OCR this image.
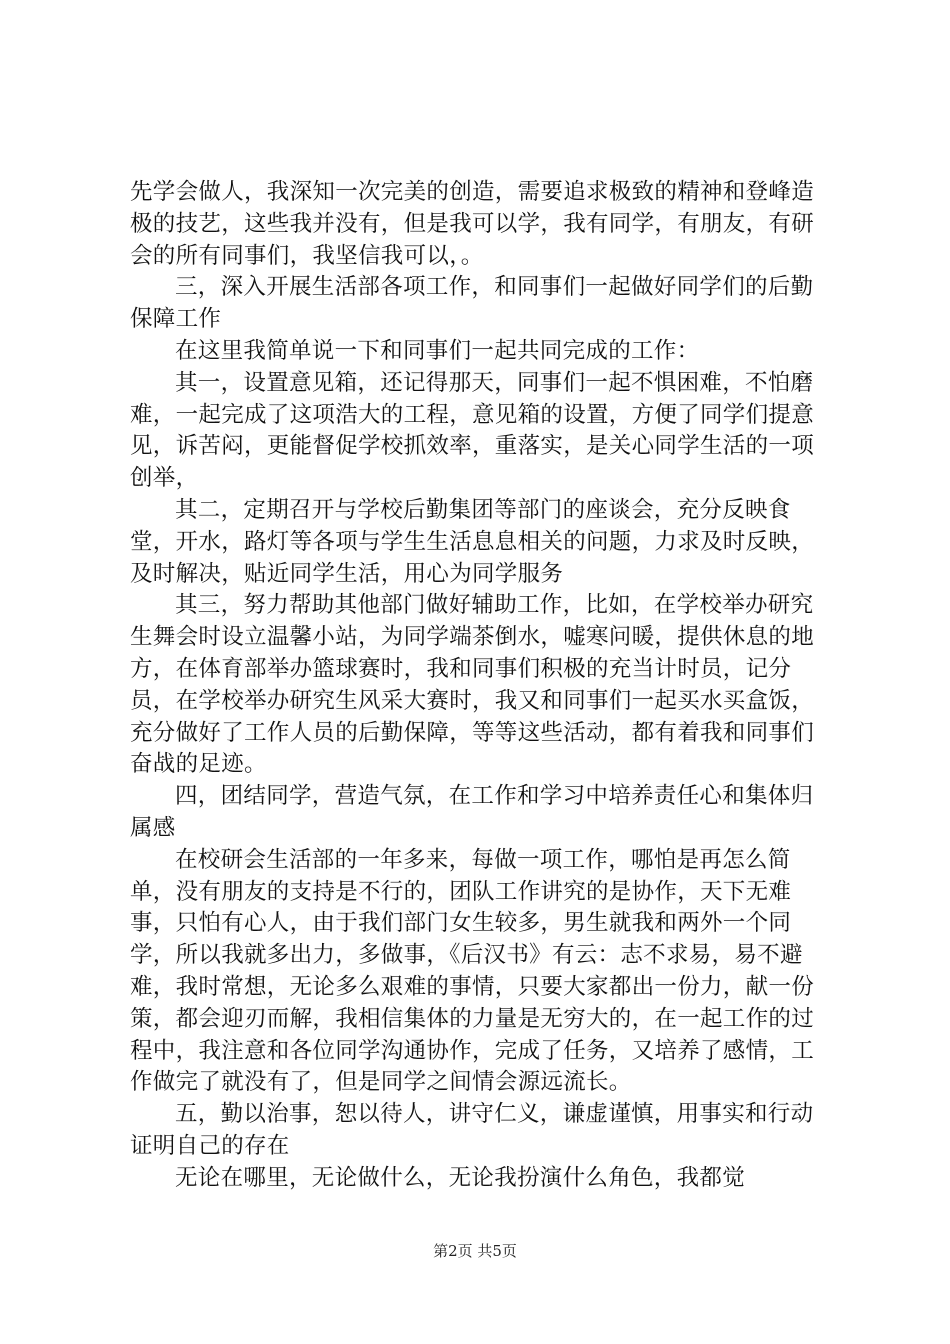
先学会做人，我深知一次完美的创造，需要追求极致的精神和登峰造极的技艺，这些我并没有，但是我可以学，我有同学，有朋友，有研会的所有同事们，我坚信我可以，。

三，深入开展生活部各项工作，和同事们一起做好同学们的后勤保障工作

在这里我简单说一下和同事们一起共同完成的工作：

其一，设置意见箱，还记得那天，同事们一起不惧困难，不怕磨难，一起完成了这项浩大的工程，意见箱的设置，方便了同学们提意见，诉苦闷，更能督促学校抓效率，重落实，是关心同学生活的一项创举，

其二，定期召开与学校后勤集团等部门的座谈会，充分反映食堂，开水，路灯等各项与学生生活息息相关的问题，力求及时反映，及时解决，贴近同学生活，用心为同学服务

其三，努力帮助其他部门做好辅助工作，比如，在学校举办研究生舞会时设立温馨小站，为同学端茶倒水，嘘寒问暖，提供休息的地方，在体育部举办篮球赛时，我和同事们积极的充当计时员，记分员，在学校举办研究生风采大赛时，我又和同事们一起买水买盒饭，充分做好了工作人员的后勤保障，等等这些活动，都有着我和同事们奋战的足迹。

四，团结同学，营造气氛，在工作和学习中培养责任心和集体归属感

在校研会生活部的一年多来，每做一项工作，哪怕是再怎么简单，没有朋友的支持是不行的，团队工作讲究的是协作，天下无难事，只怕有心人，由于我们部门女生较多，男生就我和两外一个同学，所以我就多出力，多做事，《后汉书》有云：志不求易，易不避难，我时常想，无论多么艰难的事情，只要大家都出一份力，献一份策，都会迎刃而解，我相信集体的力量是无穷大的，在一起工作的过程中，我注意和各位同学沟通协作，完成了任务，又培养了感情，工作做完了就没有了，但是同学之间情会源远流长。

五，勤以治事，恕以待人，讲守仁义，谦虚谨慎，用事实和行动证明自己的存在

无论在哪里，无论做什么，无论我扮演什么角色，我都觉

第2页 共5页
